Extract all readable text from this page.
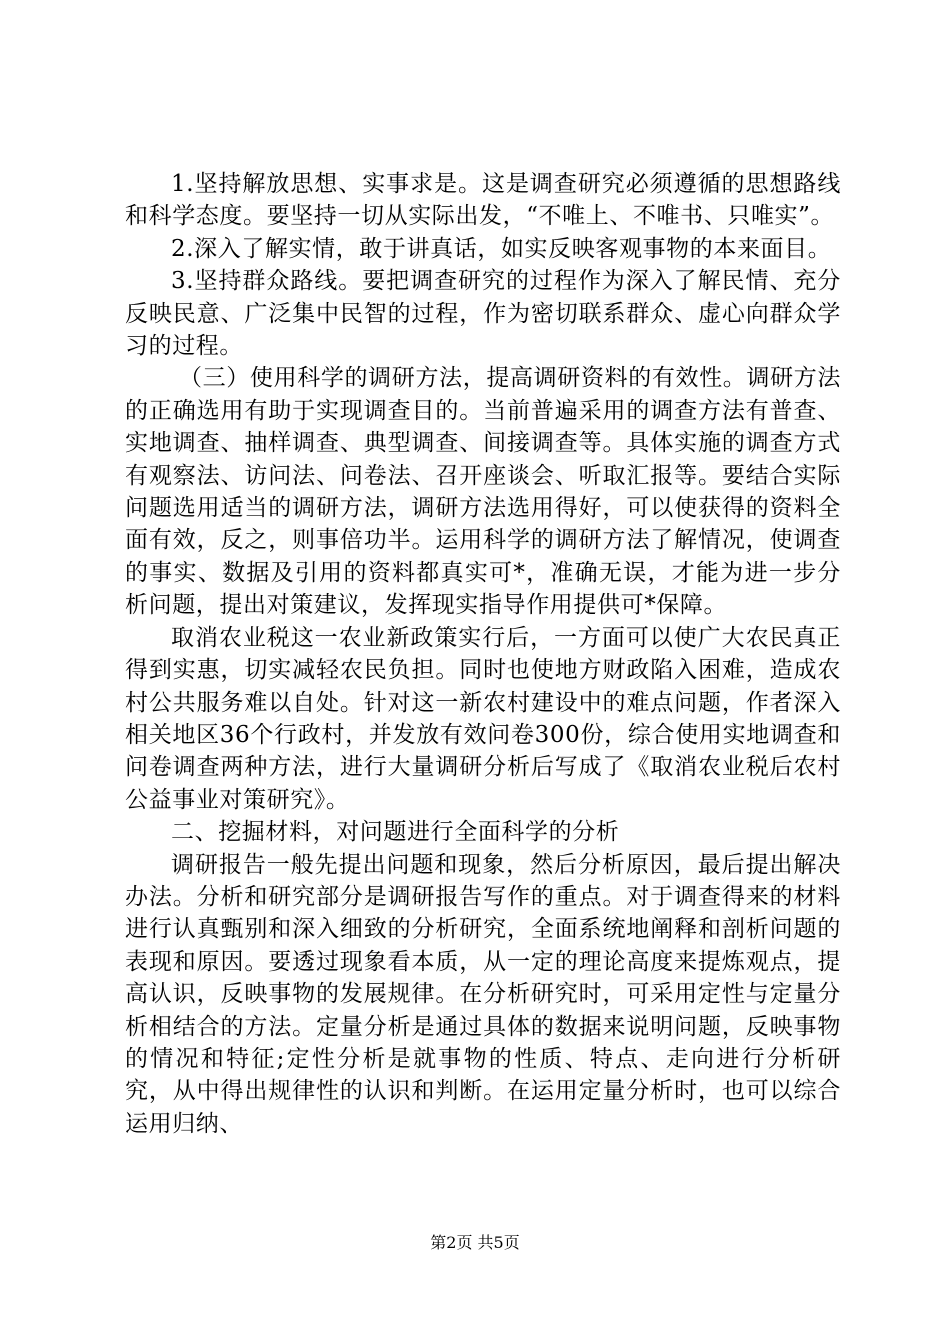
1.坚持解放思想、实事求是。这是调查研究必须遵循的思想路线和科学态度。要坚持一切从实际出发，“不唯上、不唯书、只唯实”。

2.深入了解实情，敢于讲真话，如实反映客观事物的本来面目。

3.坚持群众路线。要把调查研究的过程作为深入了解民情、充分反映民意、广泛集中民智的过程，作为密切联系群众、虚心向群众学习的过程。

（三）使用科学的调研方法，提高调研资料的有效性。调研方法的正确选用有助于实现调查目的。当前普遍采用的调查方法有普查、实地调查、抽样调查、典型调查、间接调查等。具体实施的调查方式有观察法、访问法、问卷法、召开座谈会、听取汇报等。要结合实际问题选用适当的调研方法，调研方法选用得好，可以使获得的资料全面有效，反之，则事倍功半。运用科学的调研方法了解情况，使调查的事实、数据及引用的资料都真实可*，准确无误，才能为进一步分析问题，提出对策建议，发挥现实指导作用提供可*保障。

取消农业税这一农业新政策实行后，一方面可以使广大农民真正得到实惠，切实减轻农民负担。同时也使地方财政陷入困难，造成农村公共服务难以自处。针对这一新农村建设中的难点问题，作者深入相关地区36个行政村，并发放有效问卷300份，综合使用实地调查和问卷调查两种方法，进行大量调研分析后写成了《取消农业税后农村公益事业对策研究》。

二、挖掘材料，对问题进行全面科学的分析

调研报告一般先提出问题和现象，然后分析原因，最后提出解决办法。分析和研究部分是调研报告写作的重点。对于调查得来的材料进行认真甄别和深入细致的分析研究，全面系统地阐释和剖析问题的表现和原因。要透过现象看本质，从一定的理论高度来提炼观点，提高认识，反映事物的发展规律。在分析研究时，可采用定性与定量分析相结合的方法。定量分析是通过具体的数据来说明问题，反映事物的情况和特征;定性分析是就事物的性质、特点、走向进行分析研究，从中得出规律性的认识和判断。在运用定量分析时，也可以综合运用归纳、

第2页 共5页
